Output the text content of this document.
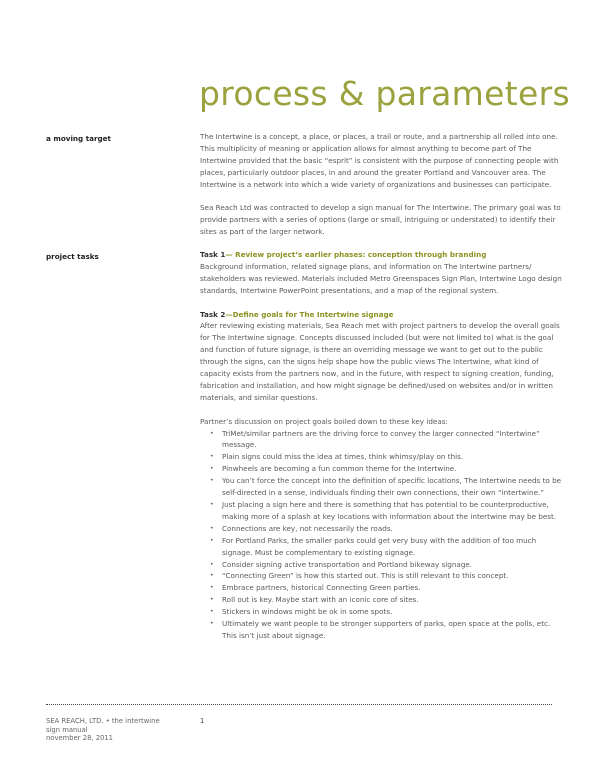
process & parameters
a moving target	The Intertwine is a concept, a place, or places, a trail or route, and a partnership all rolled into one. This multiplicity of meaning or application allows for almost anything to become part of The Intertwine provided that the basic “esprit” is consistent with the purpose of connecting people with places, particularly outdoor places, in and around the greater Portland and Vancouver area. The Intertwine is a network into which a wide variety of organizations and businesses can participate.

Sea Reach Ltd was contracted to develop a sign manual for The Intertwine. The primary goal was to provide partners with a series of options (large or small, intriguing or understated) to identify their sites as part of the larger network.

project tasks	Task 1— Review project’s earlier phases: conception through branding

Background information, related signage plans, and information on The Intertwine partners/ stakeholders was reviewed. Materials included Metro Greenspaces Sign Plan, Intertwine Logo design standards, Intertwine PowerPoint presentations, and a map of the regional system.

Task 2—Define goals for The Intertwine signage

After reviewing existing materials, Sea Reach met with project partners to develop the overall goals for The Intertwine signage. Concepts discussed included (but were not limited to) what is the goal and function of future signage, is there an overriding message we want to get out to the public through the signs, can the signs help shape how the public views The Intertwine, what kind of capacity exists from the partners now, and in the future, with respect to signing creation, funding, fabrication and installation, and how might signage be defined/used on websites and/or in written materials, and similar questions.

Partner’s discussion on project goals boiled down to these key ideas:

• TriMet/similar partners are the driving force to convey the larger connected “Intertwine” message.
• Plain signs could miss the idea at times, think whimsy/play on this.
• Pinwheels are becoming a fun common theme for the Intertwine.
• You can’t force the concept into the definition of specific locations, The Intertwine needs to be self-directed in a sense, individuals finding their own connections, their own “intertwine.”
• Just placing a sign here and there is something that has potential to be counterproductive, making more of a splash at key locations with information about the intertwine may be best.
• Connections are key, not necessarily the roads.
• For Portland Parks, the smaller parks could get very busy with the addition of too much signage. Must be complementary to existing signage.
• Consider signing active transportation and Portland bikeway signage.
• “Connecting Green” is how this started out. This is still relevant to this concept.
• Embrace partners, historical Connecting Green parties.
• Roll out is key. Maybe start with an iconic core of sites.
• Stickers in windows might be ok in some spots.
• Ultimately we want people to be stronger supporters of parks, open space at the polls, etc. This isn’t just about signage.
SEA REACH, LTD. • the intertwine
sign manual
november 28, 2011
1
